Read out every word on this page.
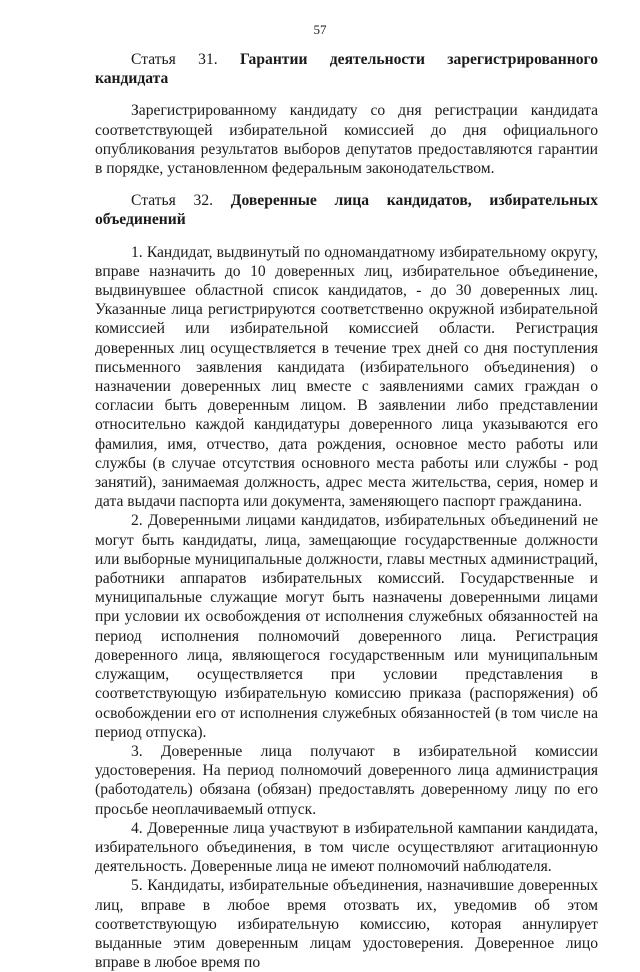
57

Статья 31. Гарантии деятельности зарегистрированного кандидата

Зарегистрированному кандидату со дня регистрации кандидата соответствующей избирательной комиссией до дня официального опубликования результатов выборов депутатов предоставляются гарантии в порядке, установленном федеральным законодательством.

Статья 32. Доверенные лица кандидатов, избирательных
объединений

1. Кандидат, выдвинутый по одномандатному избирательному округу, вправе назначить до 10 доверенных лиц, избирательное объединение, выдвинувшее областной список кандидатов, - до 30 доверенных лиц. Указанные лица регистрируются соответственно окружной избирательной комиссией или избирательной комиссией области. Регистрация доверенных лиц осуществляется в течение трех дней со дня поступления письменного заявления кандидата (избирательного объединения) о назначении доверенных лиц вместе с заявлениями самих граждан о согласии быть доверенным лицом. В заявлении либо представлении относительно каждой кандидатуры доверенного лица указываются его фамилия, имя, отчество, дата рождения, основное место работы или службы (в случае отсутствия основного места работы или службы - род занятий), занимаемая должность, адрес места жительства, серия, номер и дата выдачи паспорта или документа, заменяющего паспорт гражданина.

2. Доверенными лицами кандидатов, избирательных объединений не могут быть кандидаты, лица, замещающие государственные должности или выборные муниципальные должности, главы местных администраций, работники аппаратов избирательных комиссий. Государственные и муниципальные служащие могут быть назначены доверенными лицами при условии их освобождения от исполнения служебных обязанностей на период исполнения полномочий доверенного лица. Регистрация доверенного лица, являющегося государственным или муниципальным служащим, осуществляется при условии представления в соответствующую избирательную комиссию приказа (распоряжения) об освобождении его от исполнения служебных обязанностей (в том числе на период отпуска).

3. Доверенные лица получают в избирательной комиссии удостоверения. На период полномочий доверенного лица администрация (работодатель) обязана (обязан) предоставлять доверенному лицу по его просьбе неоплачиваемый отпуск.

4. Доверенные лица участвуют в избирательной кампании кандидата, избирательного объединения, в том числе осуществляют агитационную деятельность. Доверенные лица не имеют полномочий наблюдателя.

5. Кандидаты, избирательные объединения, назначившие доверенных лиц, вправе в любое время отозвать их, уведомив об этом соответствующую избирательную комиссию, которая аннулирует выданные этим доверенным лицам удостоверения. Доверенное лицо вправе в любое время по
